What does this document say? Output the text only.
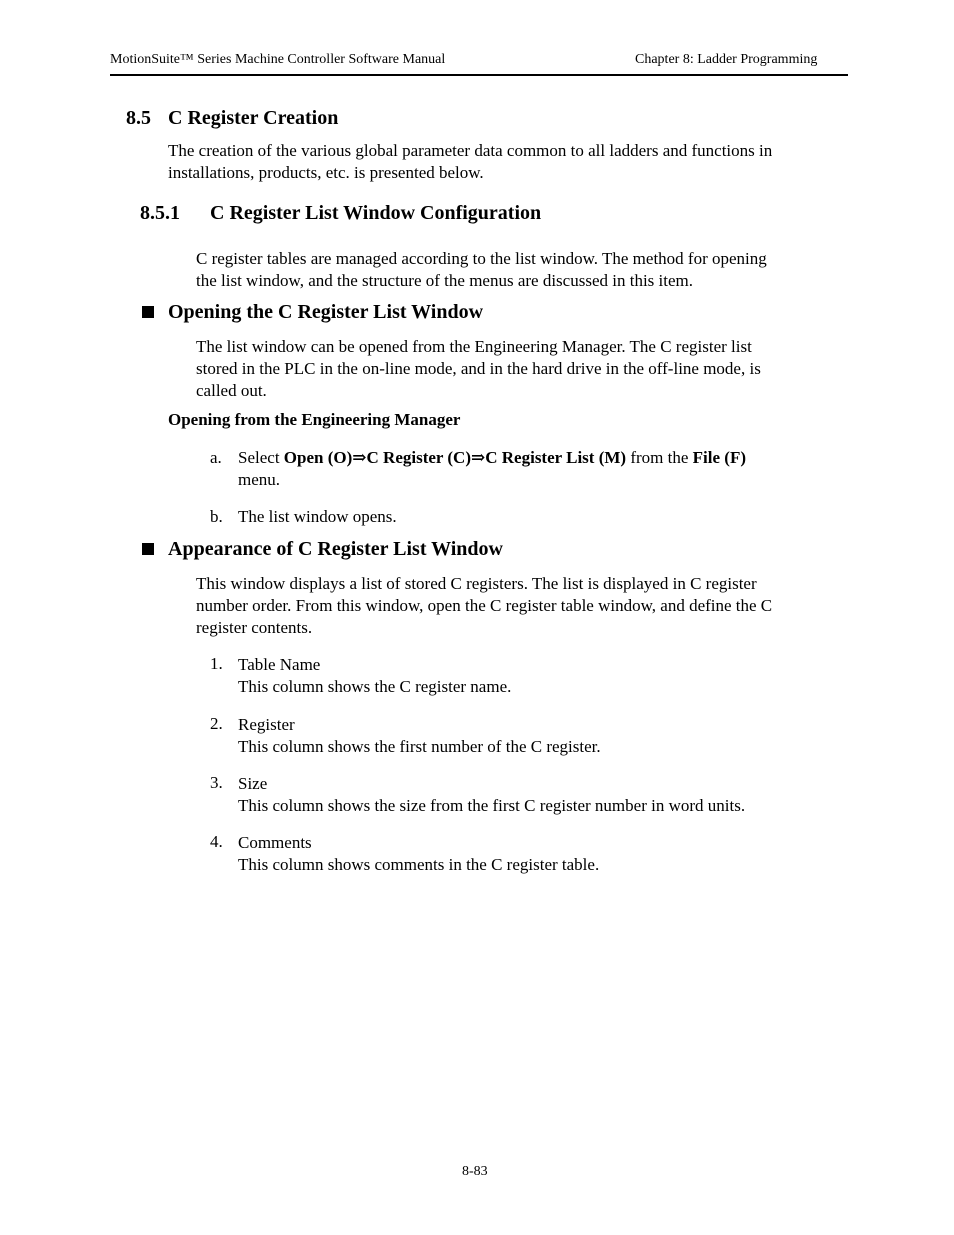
MotionSuite™ Series Machine Controller Software Manual	Chapter 8: Ladder Programming
8.5 C Register Creation
The creation of the various global parameter data common to all ladders and functions in
installations, products, etc. is presented below.
8.5.1 C Register List Window Configuration
C register tables are managed according to the list window. The method for opening
the list window, and the structure of the menus are discussed in this item.
Opening the C Register List Window
The list window can be opened from the Engineering Manager. The C register list
stored in the PLC in the on-line mode, and in the hard drive in the off-line mode, is
called out.
Opening from the Engineering Manager
a. Select Open (O)⇒C Register (C)⇒C Register List (M) from the File (F)
menu.
b. The list window opens.
Appearance of C Register List Window
This window displays a list of stored C registers. The list is displayed in C register
number order. From this window, open the C register table window, and define the C
register contents.
1. Table Name
This column shows the C register name.
2. Register
This column shows the first number of the C register.
3. Size
This column shows the size from the first C register number in word units.
4. Comments
This column shows comments in the C register table.
8-83
